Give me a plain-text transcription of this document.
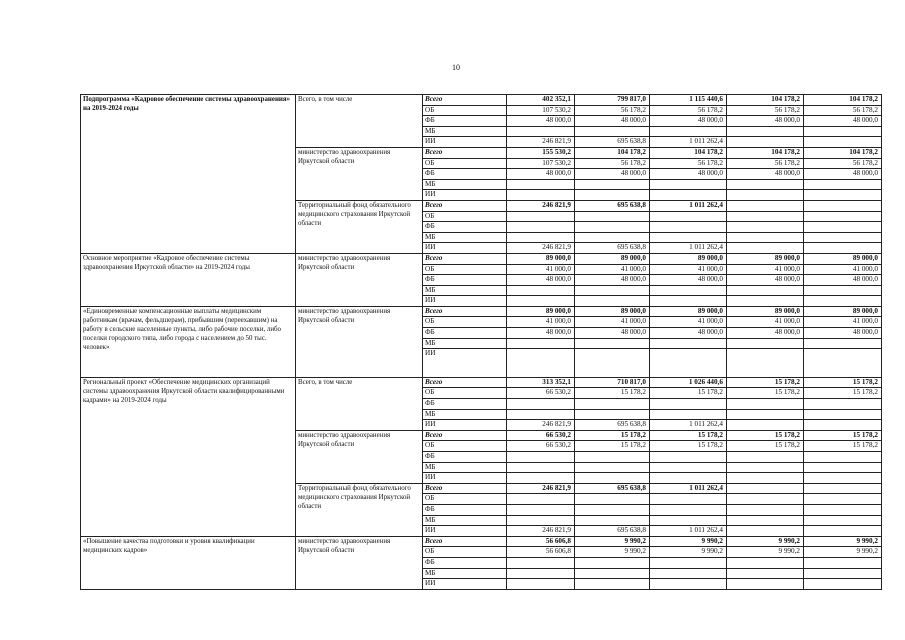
10
Подпрограмма «Кадровое обеспечение системы здравоохранения» на 2019-2024 годы	Всего, в том числе	Всего	402 352,1	799 817,0	1 115 440,6	104 178,2	104 178,2	
		ОБ	107 530,2	56 178,2	56 178,2	56 178,2	56 178,2	
		ФБ	48 000,0	48 000,0	48 000,0	48 000,0	48 000,0	
		МБ						
		ИИ	246 821,9	695 638,8	1 011 262,4			
	министерство здравоохранения Иркутской области	Всего	155 530,2	104 178,2	104 178,2	104 178,2	104 178,2	
		ОБ	107 530,2	56 178,2	56 178,2	56 178,2	56 178,2	
		ФБ	48 000,0	48 000,0	48 000,0	48 000,0	48 000,0	
		МБ						
		ИИ						
	Территориальный фонд обязательного медицинского страхования Иркутской области	Всего	246 821,9	695 638,8	1 011 262,4			
		ОБ						
		ФБ						
		МБ						
		ИИ	246 821,9	695 638,8	1 011 262,4			
Основное мероприятие «Кадровое обеспечение системы здравоохранения Иркутской области» на 2019-2024 годы	министерство здравоохранения Иркутской области	Всего	89 000,0	89 000,0	89 000,0	89 000,0	89 000,0	
		ОБ	41 000,0	41 000,0	41 000,0	41 000,0	41 000,0	
		ФБ	48 000,0	48 000,0	48 000,0	48 000,0	48 000,0	
		МБ						
		ИИ						
«Единовременные компенсационные выплаты медицинским работникам (врачам, фельдшерам), прибывшим (переехавшим) на работу в сельские населенные пункты, либо рабочие поселки, либо поселки городского типа, либо города с населением до 50 тыс. человек»	министерство здравоохранения Иркутской области	Всего	89 000,0	89 000,0	89 000,0	89 000,0	89 000,0	
		ОБ	41 000,0	41 000,0	41 000,0	41 000,0	41 000,0	
		ФБ	48 000,0	48 000,0	48 000,0	48 000,0	48 000,0	
		МБ						
		ИИ						
Региональный проект «Обеспечение медицинских организаций системы здравоохранения Иркутской области квалифицированными кадрами» на 2019-2024 годы	Всего, в том числе	Всего	313 352,1	710 817,0	1 026 440,6	15 178,2	15 178,2	
		ОБ	66 530,2	15 178,2	15 178,2	15 178,2	15 178,2	
		ФБ						
		МБ						
		ИИ	246 821,9	695 638,8	1 011 262,4			
	министерство здравоохранения Иркутской области	Всего	66 530,2	15 178,2	15 178,2	15 178,2	15 178,2	
		ОБ	66 530,2	15 178,2	15 178,2	15 178,2	15 178,2	
		ФБ						
		МБ						
		ИИ						
	Территориальный фонд обязательного медицинского страхования Иркутской области	Всего	246 821,9	695 638,8	1 011 262,4			
		ОБ						
		ФБ						
		МБ						
		ИИ	246 821,9	695 638,8	1 011 262,4			
«Повышение качества подготовки и уровня квалификации медицинских кадров»	министерство здравоохранения Иркутской области	Всего	56 606,8	9 990,2	9 990,2	9 990,2	9 990,2	
		ОБ	56 606,8	9 990,2	9 990,2	9 990,2	9 990,2	
		ФБ						
		МБ						
		ИИ						
